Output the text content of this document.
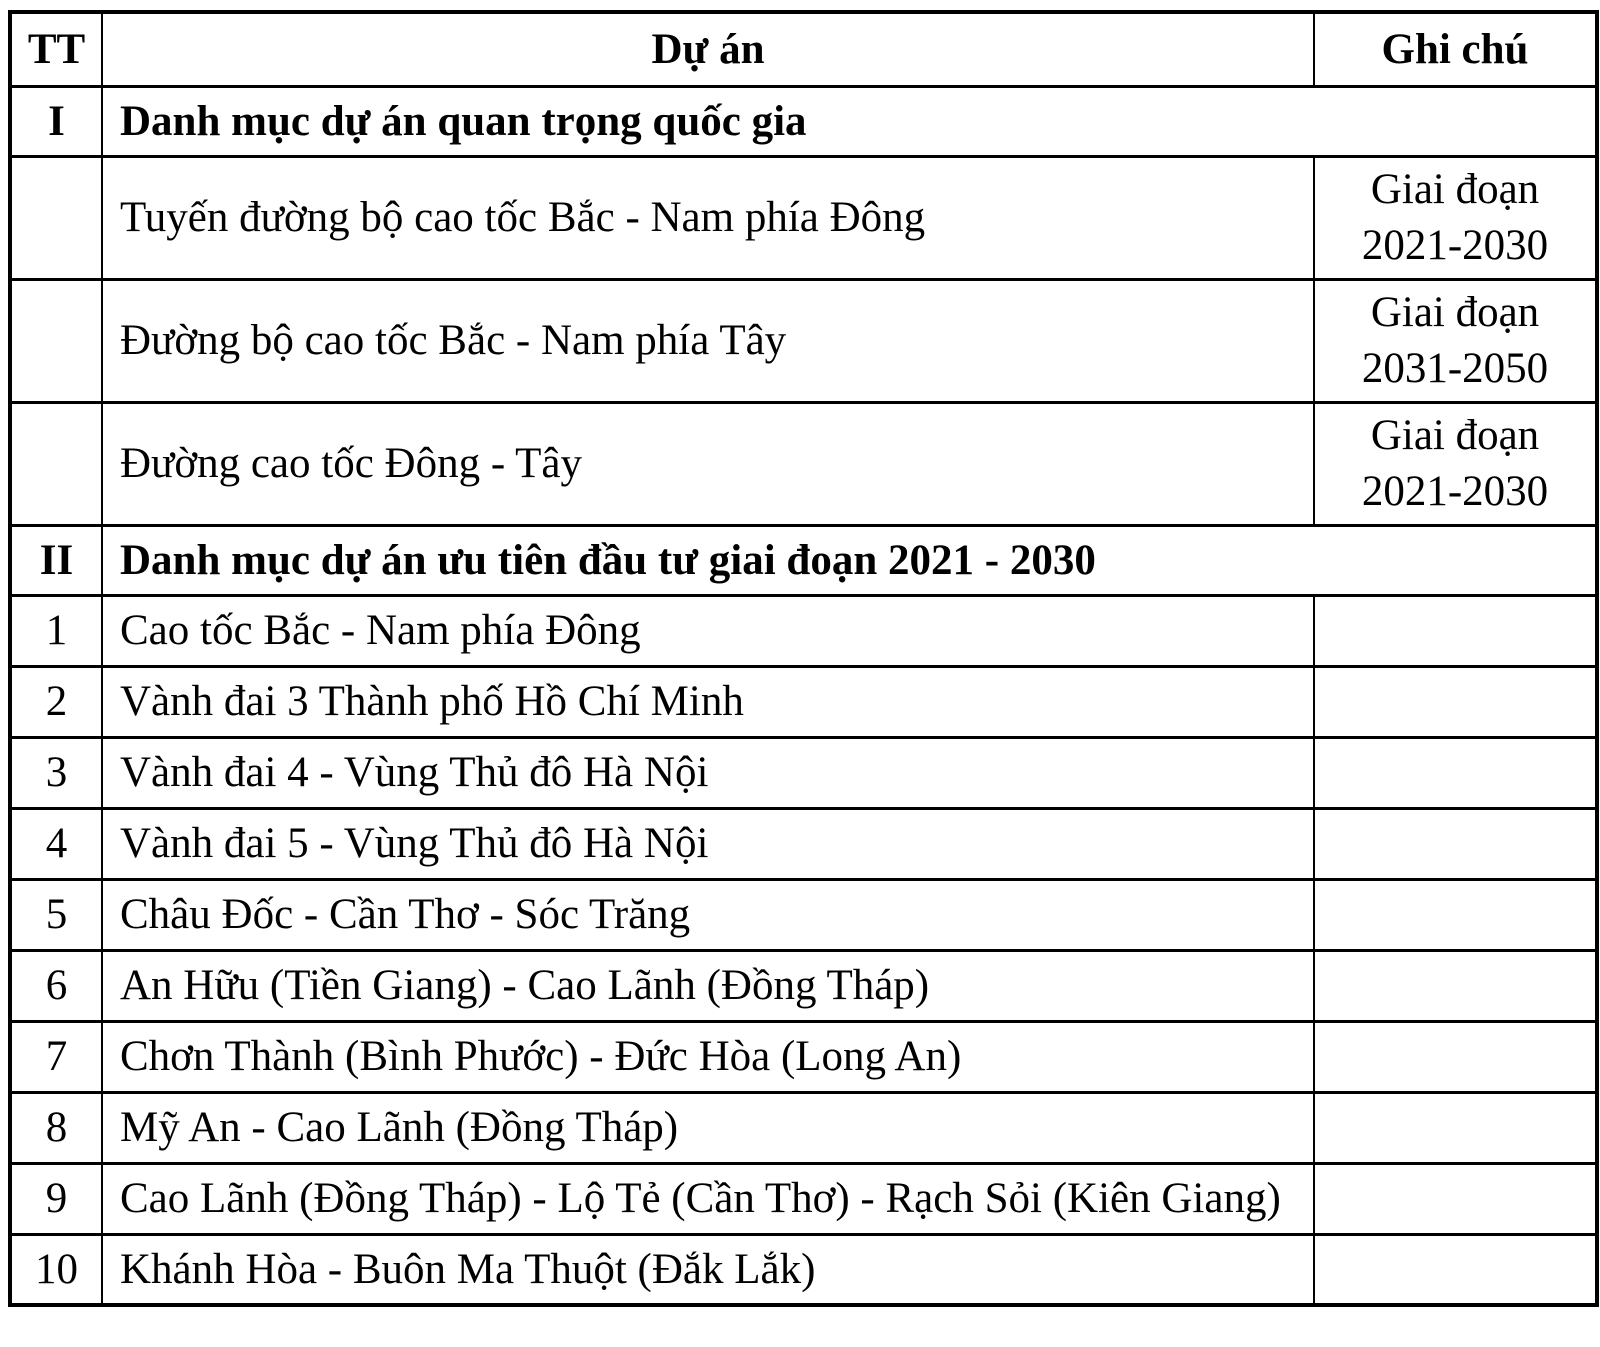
TT	Dự án	Ghi chú
I	Danh mục dự án quan trọng quốc gia	
	Tuyến đường bộ cao tốc Bắc - Nam phía Đông	Giai đoạn 2021-2030
	Đường bộ cao tốc Bắc - Nam phía Tây	Giai đoạn 2031-2050
	Đường cao tốc Đông - Tây	Giai đoạn 2021-2030
II	Danh mục dự án ưu tiên đầu tư giai đoạn 2021 - 2030	
1	Cao tốc Bắc - Nam phía Đông	
2	Vành đai 3 Thành phố Hồ Chí Minh	
3	Vành đai 4 - Vùng Thủ đô Hà Nội	
4	Vành đai 5 - Vùng Thủ đô Hà Nội	
5	Châu Đốc - Cần Thơ - Sóc Trăng	
6	An Hữu (Tiền Giang) - Cao Lãnh (Đồng Tháp)	
7	Chơn Thành (Bình Phước) - Đức Hòa (Long An)	
8	Mỹ An - Cao Lãnh (Đồng Tháp)	
9	Cao Lãnh (Đồng Tháp) - Lộ Tẻ (Cần Thơ) - Rạch Sỏi (Kiên Giang)	
10	Khánh Hòa - Buôn Ma Thuột (Đắk Lắk)	
